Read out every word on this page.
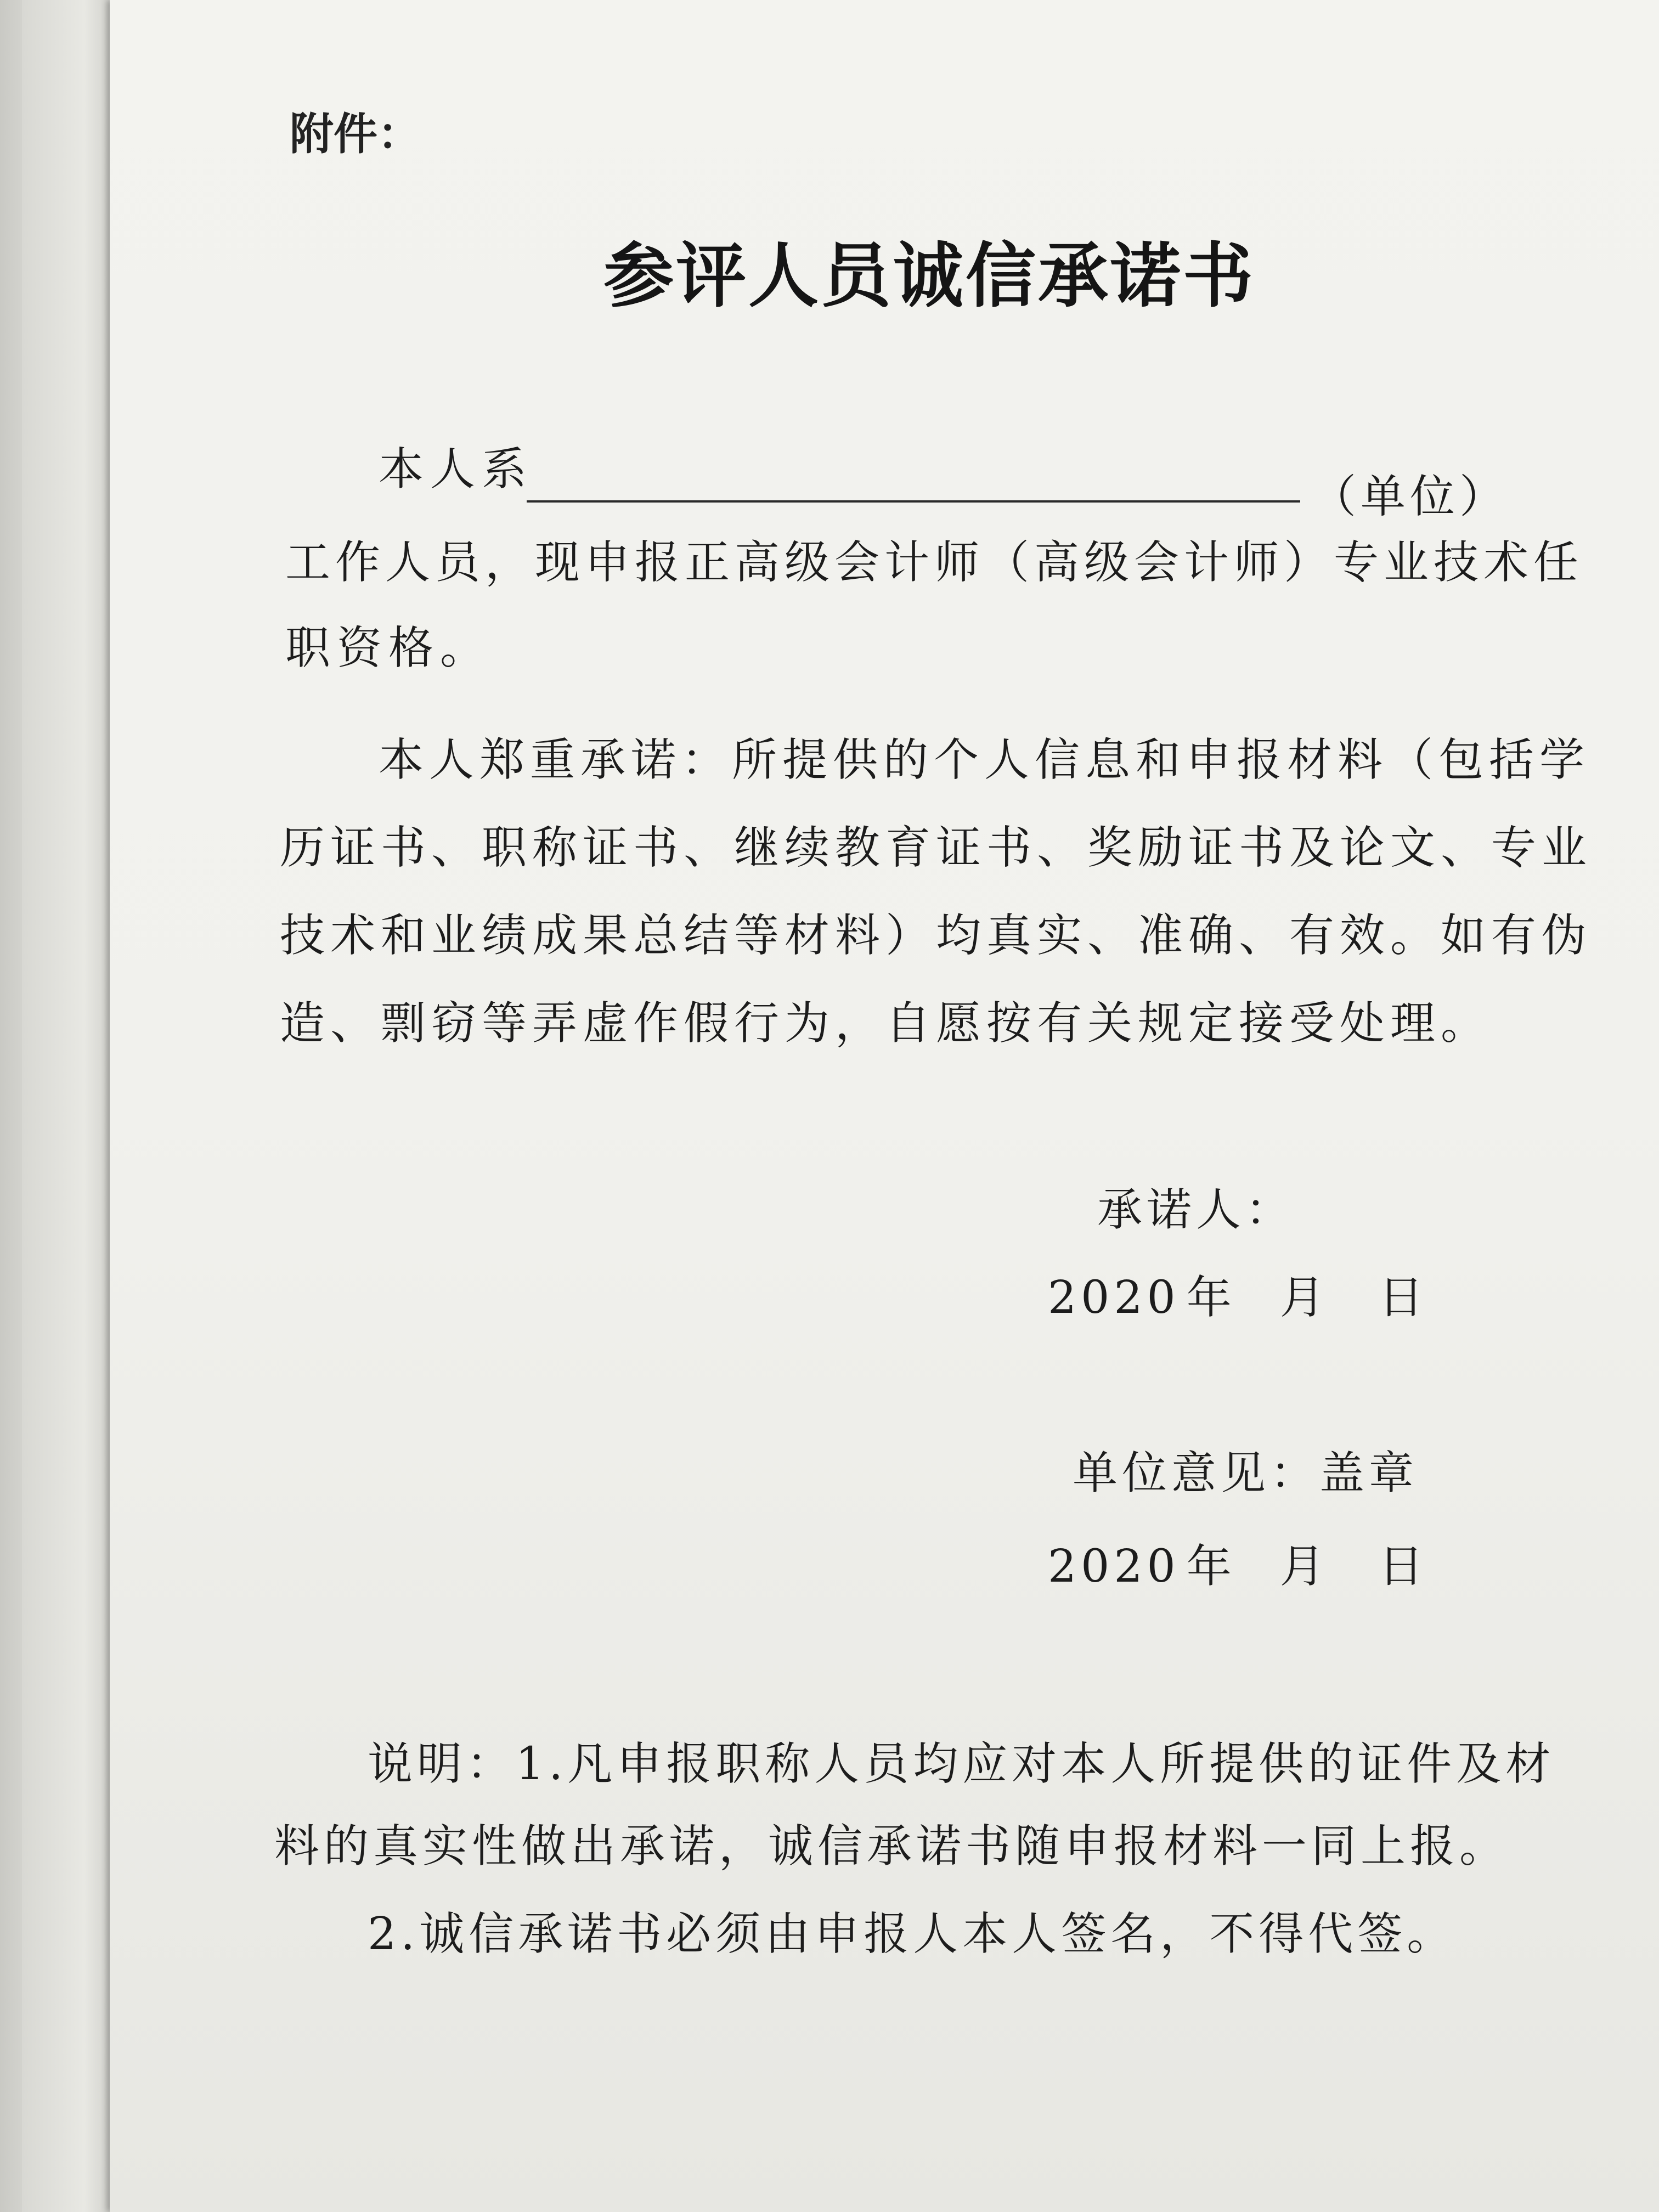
附件：
参评人员诚信承诺书
本人系
（单位）
工作人员，现申报正高级会计师（高级会计师）专业技术任
职资格。
本人郑重承诺：所提供的个人信息和申报材料（包括学
历证书、职称证书、继续教育证书、奖励证书及论文、专业
技术和业绩成果总结等材料）均真实、准确、有效。如有伪
造、剽窃等弄虚作假行为，自愿按有关规定接受处理。
承诺人：
2020 年 月 日
单位意见：盖章
2020 年 月 日
说明：1.凡申报职称人员均应对本人所提供的证件及材
料的真实性做出承诺，诚信承诺书随申报材料一同上报。
2.诚信承诺书必须由申报人本人签名，不得代签。
